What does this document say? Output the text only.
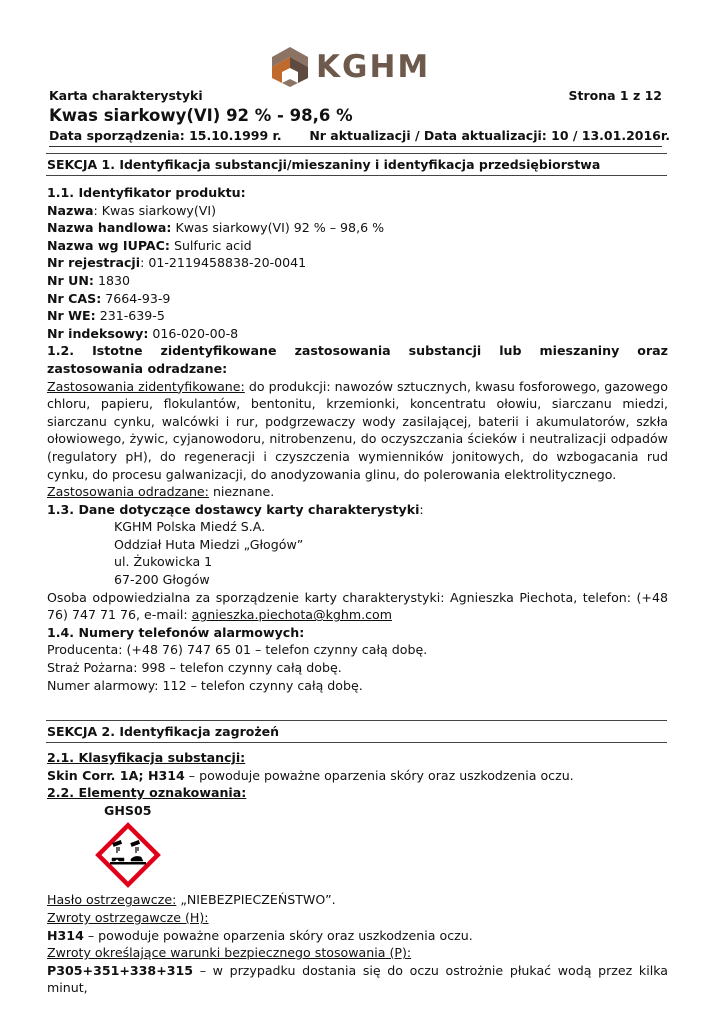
KGHM
Karta charakterystyki	Strona 1 z 12
Kwas siarkowy(VI) 92 % - 98,6 %
Data sporządzenia: 15.10.1999 r. Nr aktualizacji / Data aktualizacji: 10 / 13.01.2016r.
SEKCJA 1. Identyfikacja substancji/mieszaniny i identyfikacja przedsiębiorstwa

1.1. Identyfikator produktu:

Nazwa: Kwas siarkowy(VI)

Nazwa handlowa: Kwas siarkowy(VI) 92 % – 98,6 %

Nazwa wg IUPAC: Sulfuric acid

Nr rejestracji: 01-2119458838-20-0041

Nr UN: 1830

Nr CAS: 7664-93-9

Nr WE: 231-639-5

Nr indeksowy: 016-020-00-8

1.2. Istotne zidentyfikowane zastosowania substancji lub mieszaniny oraz zastosowania odradzane:

Zastosowania zidentyfikowane: do produkcji: nawozów sztucznych, kwasu fosforowego, gazowego chloru, papieru, flokulantów, bentonitu, krzemionki, koncentratu ołowiu, siarczanu miedzi, siarczanu cynku, walcówki i rur, podgrzewaczy wody zasilającej, baterii i akumulatorów, szkła ołowiowego, żywic, cyjanowodoru, nitrobenzenu, do oczyszczania ścieków i neutralizacji odpadów (regulatory pH), do regeneracji i czyszczenia wymienników jonitowych, do wzbogacania rud cynku, do procesu galwanizacji, do anodyzowania glinu, do polerowania elektrolitycznego.

Zastosowania odradzane: nieznane.

1.3. Dane dotyczące dostawcy karty charakterystyki:

KGHM Polska Miedź S.A.

Oddział Huta Miedzi „Głogów”

ul. Żukowicka 1

67-200 Głogów

Osoba odpowiedzialna za sporządzenie karty charakterystyki: Agnieszka Piechota, telefon: (+48 76) 747 71 76, e-mail: agnieszka.piechota@kghm.com

1.4. Numery telefonów alarmowych:

Producenta: (+48 76) 747 65 01 – telefon czynny całą dobę.

Straż Pożarna: 998 – telefon czynny całą dobę.

Numer alarmowy: 112 – telefon czynny całą dobę.

SEKCJA 2. Identyfikacja zagrożeń

2.1. Klasyfikacja substancji:

Skin Corr. 1A; H314 – powoduje poważne oparzenia skóry oraz uszkodzenia oczu.

2.2. Elementy oznakowania:

GHS05

Hasło ostrzegawcze: „NIEBEZPIECZEŃSTWO”.

Zwroty ostrzegawcze (H):

H314 – powoduje poważne oparzenia skóry oraz uszkodzenia oczu.

Zwroty określające warunki bezpiecznego stosowania (P):

P305+351+338+315 – w przypadku dostania się do oczu ostrożnie płukać wodą przez kilka minut,
